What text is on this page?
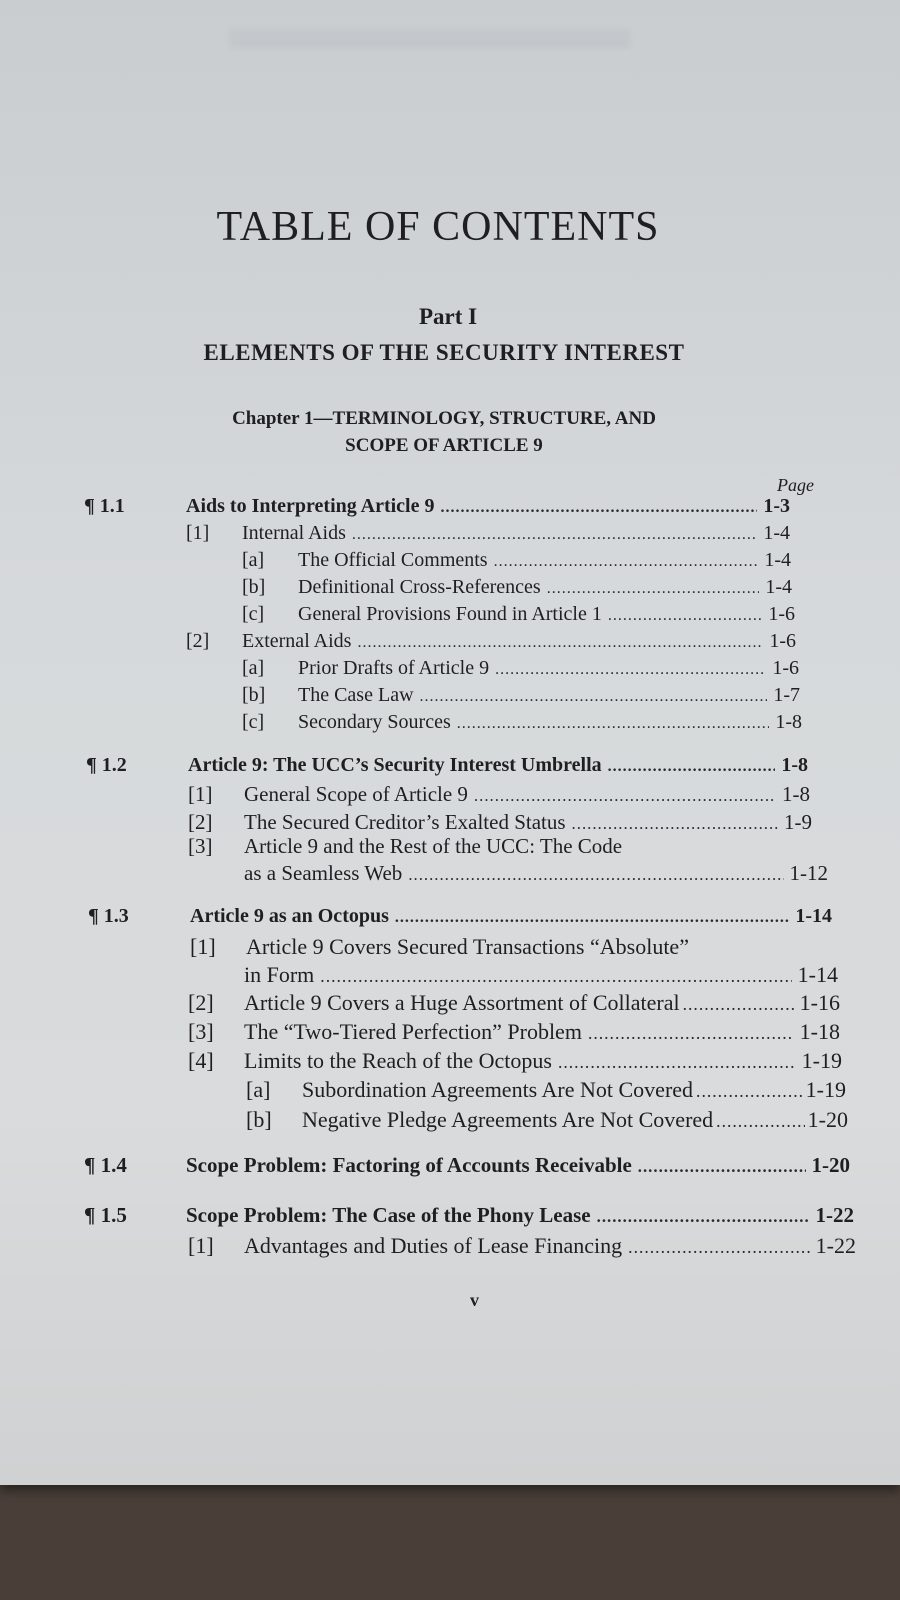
TABLE OF CONTENTS
Part I
ELEMENTS OF THE SECURITY INTEREST
Chapter 1—TERMINOLOGY, STRUCTURE, AND
SCOPE OF ARTICLE 9
Page
¶ 1.1	Aids to Interpreting Article 9 .....	1-3
[1]	Internal Aids .....	1-4
[a]	The Official Comments .....	1-4
[b]	Definitional Cross-References .....	1-4
[c]	General Provisions Found in Article 1 .....	1-6
[2]	External Aids .....	1-6
[a]	Prior Drafts of Article 9 .....	1-6
[b]	The Case Law .....	1-7
[c]	Secondary Sources .....	1-8
¶ 1.2	Article 9: The UCC’s Security Interest Umbrella .....	1-8
[1]	General Scope of Article 9 .....	1-8
[2]	The Secured Creditor’s Exalted Status .....	1-9
[3]	Article 9 and the Rest of the UCC: The Code
as a Seamless Web .....	1-12
¶ 1.3	Article 9 as an Octopus .....	1-14
[1]	Article 9 Covers Secured Transactions “Absolute”
in Form .....	1-14
[2]	Article 9 Covers a Huge Assortment of Collateral .....	1-16
[3]	The “Two-Tiered Perfection” Problem .....	1-18
[4]	Limits to the Reach of the Octopus .....	1-19
[a]	Subordination Agreements Are Not Covered .....	1-19
[b]	Negative Pledge Agreements Are Not Covered .....	1-20
¶ 1.4	Scope Problem: Factoring of Accounts Receivable .....	1-20
¶ 1.5	Scope Problem: The Case of the Phony Lease .....	1-22
[1]	Advantages and Duties of Lease Financing .....	1-22
v
